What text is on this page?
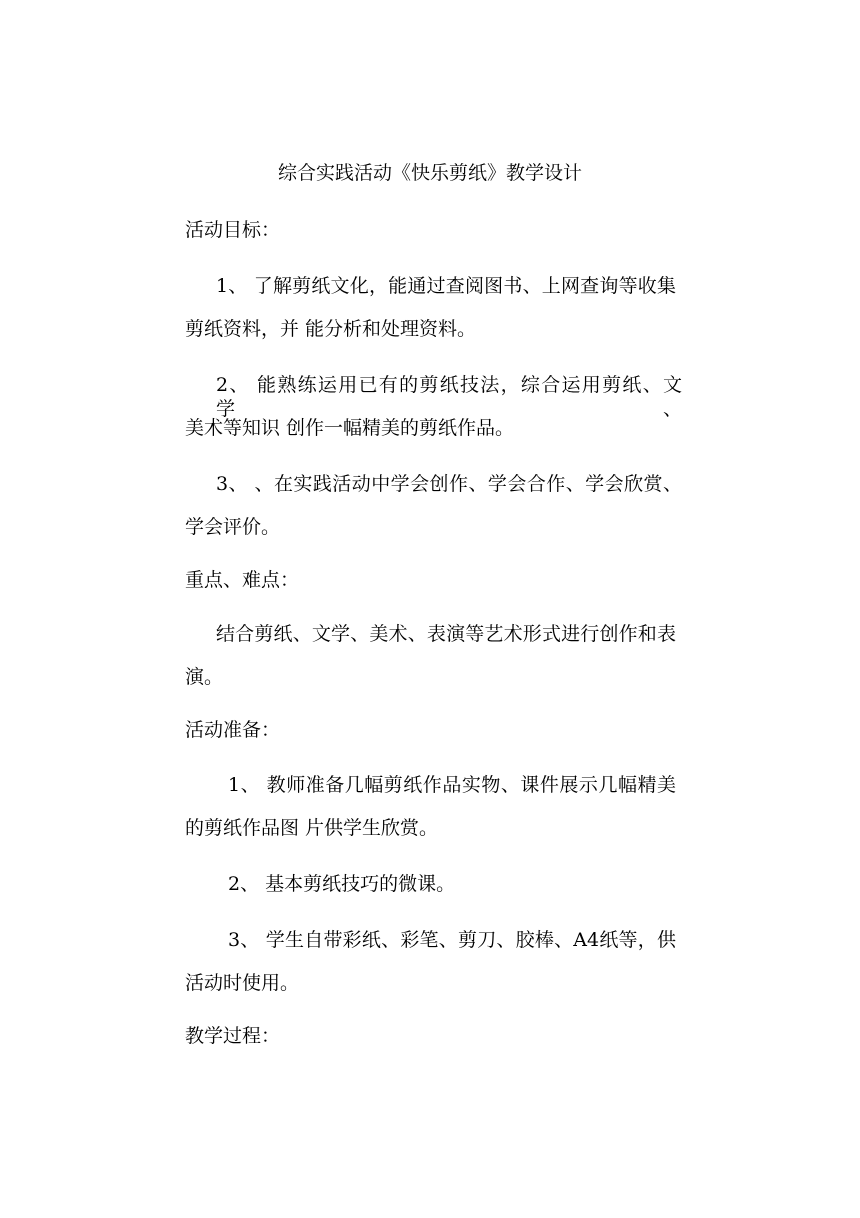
综合实践活动《快乐剪纸》教学设计
活动目标：
1、 了解剪纸文化，能通过查阅图书、上网查询等收集
剪纸资料，并 能分析和处理资料。
2、 能熟练运用已有的剪纸技法，综合运用剪纸、文学、
美术等知识 创作一幅精美的剪纸作品。
3、 、在实践活动中学会创作、学会合作、学会欣赏、
学会评价。
重点、难点：
结合剪纸、文学、美术、表演等艺术形式进行创作和表
演。
活动准备：
1、 教师准备几幅剪纸作品实物、课件展示几幅精美
的剪纸作品图 片供学生欣赏。
2、 基本剪纸技巧的微课。
3、 学生自带彩纸、彩笔、剪刀、胶棒、A4纸等，供
活动时使用。
教学过程：
